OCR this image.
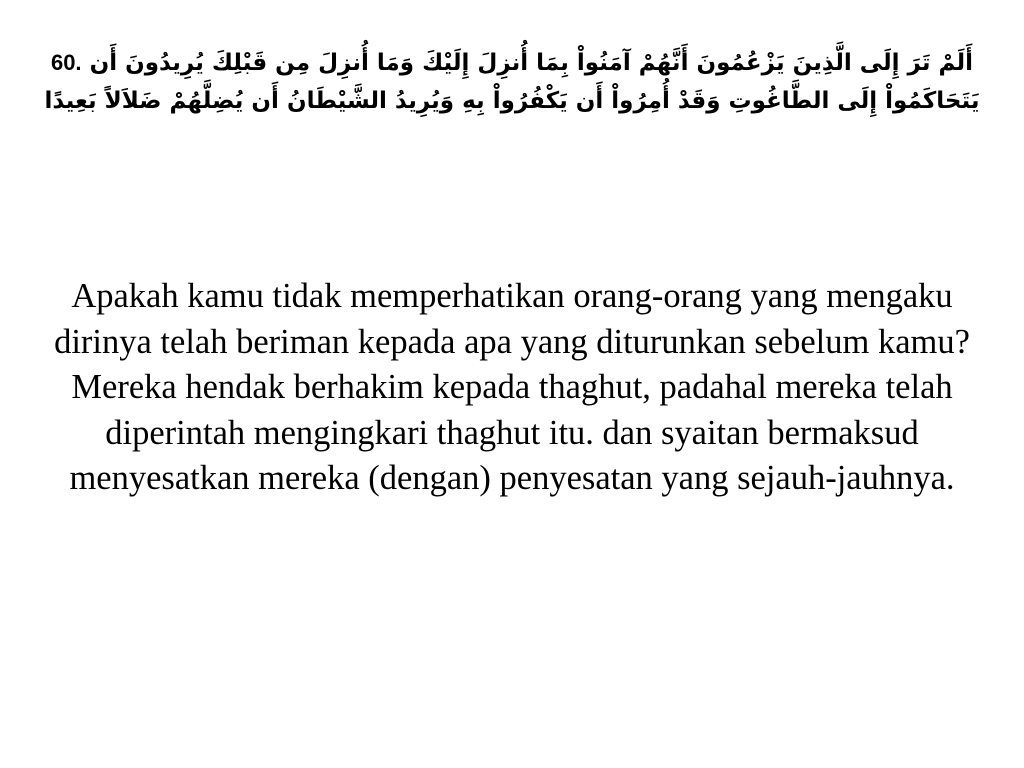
60. أَلَمْ تَرَ إِلَى الَّذِينَ يَزْعُمُونَ أَنَّهُمْ آمَنُواْ بِمَا أُنزِلَ إِلَيْكَ وَمَا أُنزِلَ مِن قَبْلِكَ يُرِيدُونَ أَن يَتَحَاكَمُواْ إِلَى الطَّاغُوتِ وَقَدْ أُمِرُواْ أَن يَكْفُرُواْ بِهِ وَيُرِيدُ الشَّيْطَانُ أَن يُضِلَّهُمْ ضَلاَلاً بَعِيدًا
Apakah kamu tidak memperhatikan orang-orang yang mengaku dirinya telah beriman kepada apa yang diturunkan sebelum kamu? Mereka hendak berhakim kepada thaghut, padahal mereka telah diperintah mengingkari thaghut itu. dan syaitan bermaksud menyesatkan mereka (dengan) penyesatan yang sejauh-jauhnya.
